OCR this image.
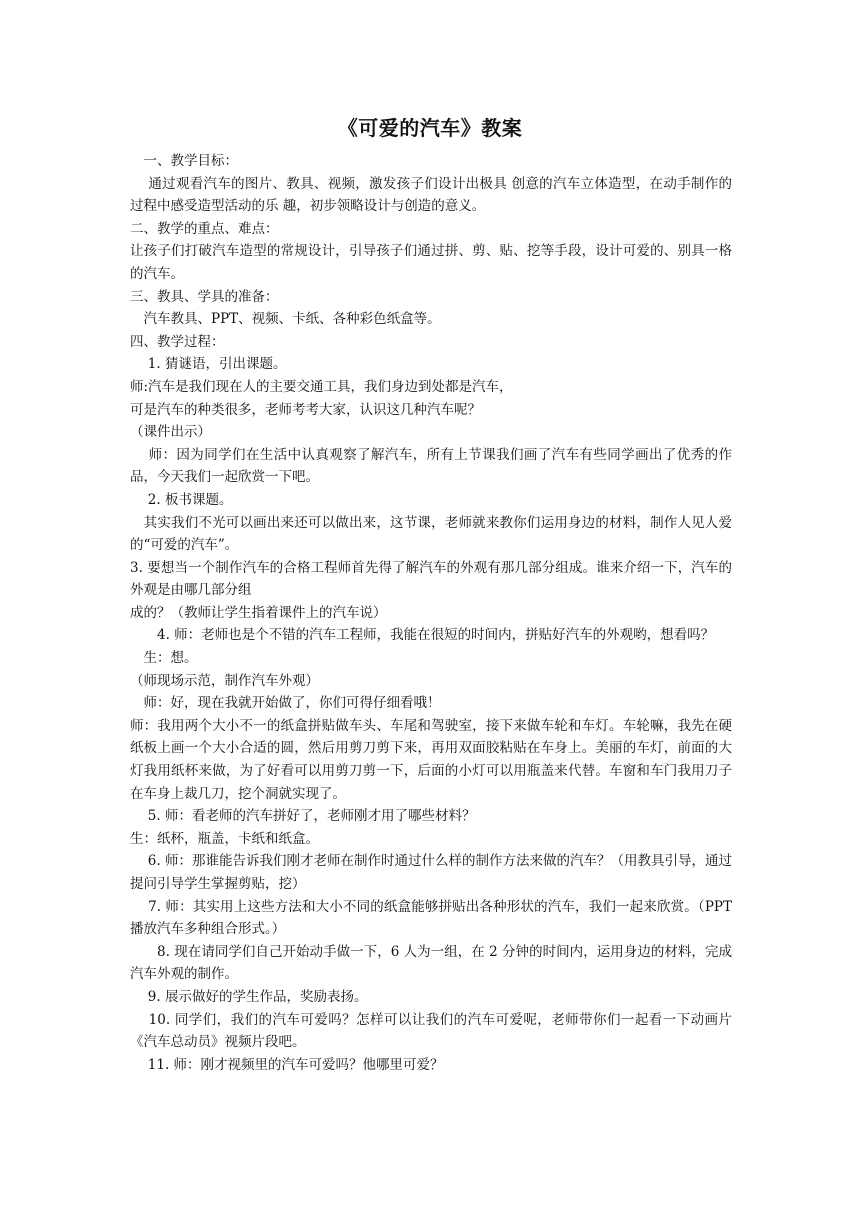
《可爱的汽车》教案

　一、教学目标：

　 通过观看汽车的图片、教具、视频，激发孩子们设计出极具 创意的汽车立体造型，在动手制作的过程中感受造型活动的乐 趣，初步领略设计与创造的意义。

二、教学的重点、难点：

让孩子们打破汽车造型的常规设计，引导孩子们通过拼、剪、贴、挖等手段，设计可爱的、别具一格的汽车。

三、教具、学具的准备：

　汽车教具、PPT、视频、卡纸、各种彩色纸盒等。

四、教学过程：

　 1. 猜谜语，引出课题。

师:汽车是我们现在人的主要交通工具，我们身边到处都是汽车，

可是汽车的种类很多，老师考考大家，认识这几种汽车呢？

（课件出示）

　 师：因为同学们在生活中认真观察了解汽车，所有上节课我们画了汽车有些同学画出了优秀的作品，今天我们一起欣赏一下吧。

　 2. 板书课题。

　其实我们不光可以画出来还可以做出来，这节课，老师就来教你们运用身边的材料，制作人见人爱的“可爱的汽车”。

3. 要想当一个制作汽车的合格工程师首先得了解汽车的外观有那几部分组成。谁来介绍一下，汽车的外观是由哪几部分组

成的？（教师让学生指着课件上的汽车说）

　　4. 师：老师也是个不错的汽车工程师，我能在很短的时间内，拼贴好汽车的外观哟，想看吗？

　生：想。

（师现场示范，制作汽车外观）

　师：好，现在我就开始做了，你们可得仔细看哦！

师：我用两个大小不一的纸盒拼贴做车头、车尾和驾驶室，接下来做车轮和车灯。车轮嘛，我先在硬纸板上画一个大小合适的圆，然后用剪刀剪下来，再用双面胶粘贴在车身上。美丽的车灯，前面的大灯我用纸杯来做，为了好看可以用剪刀剪一下，后面的小灯可以用瓶盖来代替。车窗和车门我用刀子在车身上裁几刀，挖个洞就实现了。

　 5. 师：看老师的汽车拼好了，老师刚才用了哪些材料？

生：纸杯，瓶盖，卡纸和纸盒。

　 6. 师：那谁能告诉我们刚才老师在制作时通过什么样的制作方法来做的汽车？（用教具引导，通过提问引导学生掌握剪贴，挖）

　 7. 师：其实用上这些方法和大小不同的纸盒能够拼贴出各种形状的汽车，我们一起来欣赏。（PPT 播放汽车多种组合形式。）

　　8. 现在请同学们自己开始动手做一下，6 人为一组，在 2 分钟的时间内，运用身边的材料，完成汽车外观的制作。

　 9. 展示做好的学生作品，奖励表扬。

　 10. 同学们，我们的汽车可爱吗？怎样可以让我们的汽车可爱呢，老师带你们一起看一下动画片《汽车总动员》视频片段吧。

　 11. 师：刚才视频里的汽车可爱吗？他哪里可爱？
